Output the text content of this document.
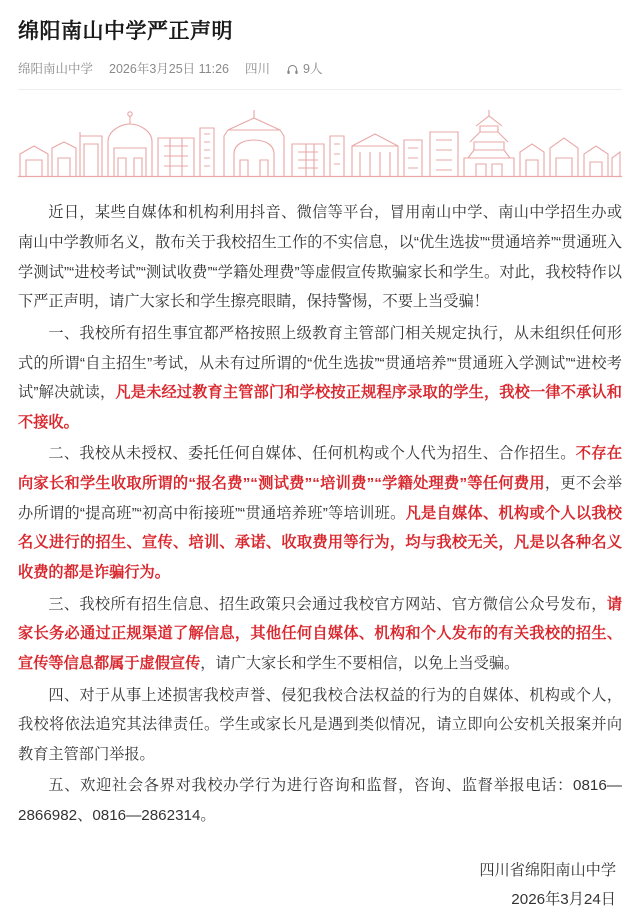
绵阳南山中学严正声明
绵阳南山中学 2026年3月25日 11:26 四川	9人

近日，某些自媒体和机构利用抖音、微信等平台，冒用南山中学、南山中学招生办或南山中学教师名义，散布关于我校招生工作的不实信息，以“优生选拔”“贯通培养”“贯通班入学测试”“进校考试”“测试收费”“学籍处理费”等虚假宣传欺骗家长和学生。对此，我校特作以下严正声明，请广大家长和学生擦亮眼睛，保持警惕，不要上当受骗！

一、我校所有招生事宜都严格按照上级教育主管部门相关规定执行，从未组织任何形式的所谓“自主招生”考试，从未有过所谓的“优生选拔”“贯通培养”“贯通班入学测试”“进校考试”解决就读，凡是未经过教育主管部门和学校按正规程序录取的学生，我校一律不承认和不接收。

二、我校从未授权、委托任何自媒体、任何机构或个人代为招生、合作招生。不存在向家长和学生收取所谓的“报名费”“测试费”“培训费”“学籍处理费”等任何费用，更不会举办所谓的“提高班”“初高中衔接班”“贯通培养班”等培训班。凡是自媒体、机构或个人以我校名义进行的招生、宣传、培训、承诺、收取费用等行为，均与我校无关，凡是以各种名义收费的都是诈骗行为。

三、我校所有招生信息、招生政策只会通过我校官方网站、官方微信公众号发布，请家长务必通过正规渠道了解信息，其他任何自媒体、机构和个人发布的有关我校的招生、宣传等信息都属于虚假宣传，请广大家长和学生不要相信，以免上当受骗。

四、对于从事上述损害我校声誉、侵犯我校合法权益的行为的自媒体、机构或个人，我校将依法追究其法律责任。学生或家长凡是遇到类似情况，请立即向公安机关报案并向教育主管部门举报。

五、欢迎社会各界对我校办学行为进行咨询和监督，咨询、监督举报电话：0816—2866982、0816—2862314。

四川省绵阳南山中学
2026年3月24日
